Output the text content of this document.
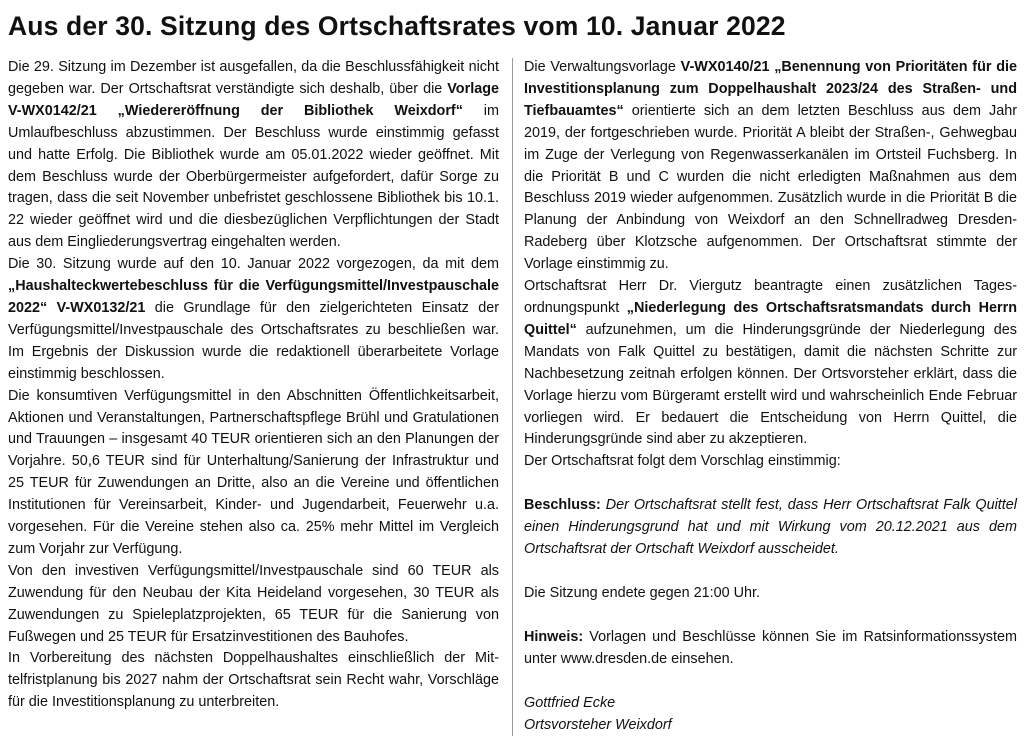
Aus der 30. Sitzung des Ortschaftsrates vom 10. Januar 2022

Die 29. Sitzung im Dezember ist ausgefallen, da die Beschlussfähigkeit nicht gegeben war. Der Ortschaftsrat verständigte sich deshalb, über die Vorlage V-WX0142/21 „Wiedereröffnung der Bibliothek Weixdorf“ im Umlaufbeschluss abzustimmen. Der Beschluss wurde einstimmig gefasst und hatte Erfolg. Die Bibliothek wurde am 05.01.2022 wieder geöffnet. Mit dem Beschluss wurde der Oberbürgermeister aufgefordert, dafür Sorge zu tragen, dass die seit November unbefristet geschlossene Bibliothek bis 10.1. 22 wieder geöffnet wird und die diesbezüglichen Verpflichtungen der Stadt aus dem Eingliederungsvertrag eingehalten werden.

Die 30. Sitzung wurde auf den 10. Januar 2022 vorgezogen, da mit dem „Haushalteckwertebeschluss für die Verfügungsmittel/Investpauschale 2022“ V-WX0132/21 die Grundlage für den zielgerichteten Einsatz der Verfügungsmittel/Investpauschale des Ortschaftsrates zu beschließen war. Im Ergebnis der Diskussion wurde die redaktionell überarbeitete Vorlage einstimmig beschlossen.

Die konsumtiven Verfügungsmittel in den Abschnitten Öffentlichkeitsarbeit, Aktionen und Veranstaltungen, Partnerschaftspflege Brühl und Gratulationen und Trauungen – insgesamt 40 TEUR orientieren sich an den Planungen der Vorjahre. 50,6 TEUR sind für Unterhaltung/Sanierung der Infrastruktur und 25 TEUR für Zuwendungen an Dritte, also an die Vereine und öffentlichen Institutionen für Vereinsarbeit, Kinder- und Jugendarbeit, Feuerwehr u.a. vorgesehen. Für die Vereine stehen also ca. 25% mehr Mittel im Vergleich zum Vorjahr zur Verfügung.

Von den investiven Verfügungsmittel/Investpauschale sind 60 TEUR als Zuwendung für den Neubau der Kita Heideland vorgesehen, 30 TEUR als Zuwendungen zu Spieleplatzprojekten, 65 TEUR für die Sanierung von Fußwegen und 25 TEUR für Ersatzinvestitionen des Bauhofes.

In Vorbereitung des nächsten Doppelhaushaltes einschließlich der Mittelfristplanung bis 2027 nahm der Ortschaftsrat sein Recht wahr, Vorschläge für die Investitionsplanung zu unterbreiten.

Die Verwaltungsvorlage V-WX0140/21 „Benennung von Prioritäten für die Investitionsplanung zum Doppelhaushalt 2023/24 des Straßen- und Tiefbauamtes“ orientierte sich an dem letzten Beschluss aus dem Jahr 2019, der fortgeschrieben wurde. Priorität A bleibt der Straßen-, Gehwegbau im Zuge der Verlegung von Regenwasserkanälen im Ortsteil Fuchsberg. In die Priorität B und C wurden die nicht erledigten Maßnahmen aus dem Beschluss 2019 wieder aufgenommen. Zusätzlich wurde in die Priorität B die Planung der Anbindung von Weixdorf an den Schnellradweg Dresden-Radeberg über Klotzsche aufgenommen. Der Ortschaftsrat stimmte der Vorlage einstimmig zu.

Ortschaftsrat Herr Dr. Viergutz beantragte einen zusätzlichen Tagesordnungspunkt „Niederlegung des Ortschaftsratsmandats durch Herrn Quittel“ aufzunehmen, um die Hinderungsgründe der Niederlegung des Mandats von Falk Quittel zu bestätigen, damit die nächsten Schritte zur Nachbesetzung zeitnah erfolgen können. Der Ortsvorsteher erklärt, dass die Vorlage hierzu vom Bürgeramt erstellt wird und wahrscheinlich Ende Februar vorliegen wird. Er bedauert die Entscheidung von Herrn Quittel, die Hinderungsgründe sind aber zu akzeptieren.

Der Ortschaftsrat folgt dem Vorschlag einstimmig:

Beschluss: Der Ortschaftsrat stellt fest, dass Herr Ortschaftsrat Falk Quittel einen Hinderungsgrund hat und mit Wirkung vom 20.12.2021 aus dem Ortschaftsrat der Ortschaft Weixdorf ausscheidet.

Die Sitzung endete gegen 21:00 Uhr.

Hinweis: Vorlagen und Beschlüsse können Sie im Ratsinformationssystem unter www.dresden.de einsehen.

Gottfried Ecke

Ortsvorsteher Weixdorf
